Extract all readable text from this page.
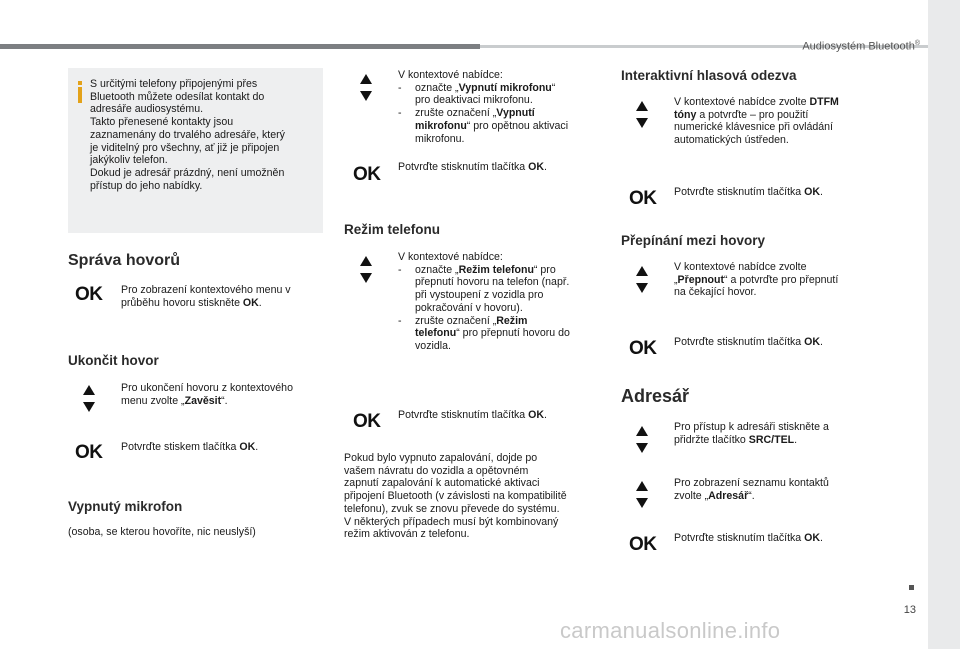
Audiosystém Bluetooth®
13
carmanualsonline.info

S určitými telefony připojenými přes

Bluetooth můžete odesílat kontakt do

adresáře audiosystému.

Takto přenesené kontakty jsou

zaznamenány do trvalého adresáře, který

je viditelný pro všechny, ať již je připojen

jakýkoliv telefon.

Dokud je adresář prázdný, není umožněn

přístup do jeho nabídky.

Správa hovorů
OK Pro zobrazení kontextového menu v
průběhu hovoru stiskněte OK.
Ukončit hovor
Pro ukončení hovoru z kontextového
menu zvolte „Zavěsit“.
OK Potvrďte stiskem tlačítka OK.
Vypnutý mikrofon
(osoba, se kterou hovoříte, nic neuslyší)
V kontextové nabídce:
- označte „Vypnutí mikrofonu“
pro deaktivaci mikrofonu.
- zrušte označení „Vypnutí
mikrofonu“ pro opětnou aktivaci
mikrofonu.
OK Potvrďte stisknutím tlačítka OK.
Režim telefonu
V kontextové nabídce:
- označte „Režim telefonu“ pro
přepnutí hovoru na telefon (např.
při vystoupení z vozidla pro
pokračování v hovoru).
- zrušte označení „Režim
telefonu“ pro přepnutí hovoru do
vozidla.
OK Potvrďte stisknutím tlačítka OK.
Pokud bylo vypnuto zapalování, dojde po
vašem návratu do vozidla a opětovném
zapnutí zapalování k automatické aktivaci
připojení Bluetooth (v závislosti na kompatibilitě
telefonu), zvuk se znovu převede do systému.
V některých případech musí být kombinovaný
režim aktivován z telefonu.
Interaktivní hlasová odezva
V kontextové nabídce zvolte DTFM
tóny a potvrďte – pro použití
numerické klávesnice při ovládání
automatických ústředen.
OK Potvrďte stisknutím tlačítka OK.
Přepínání mezi hovory
V kontextové nabídce zvolte
„Přepnout“ a potvrďte pro přepnutí
na čekající hovor.
OK Potvrďte stisknutím tlačítka OK.
Adresář
Pro přístup k adresáři stiskněte a
přidržte tlačítko SRC/TEL.
Pro zobrazení seznamu kontaktů
zvolte „Adresář“.
OK Potvrďte stisknutím tlačítka OK.
